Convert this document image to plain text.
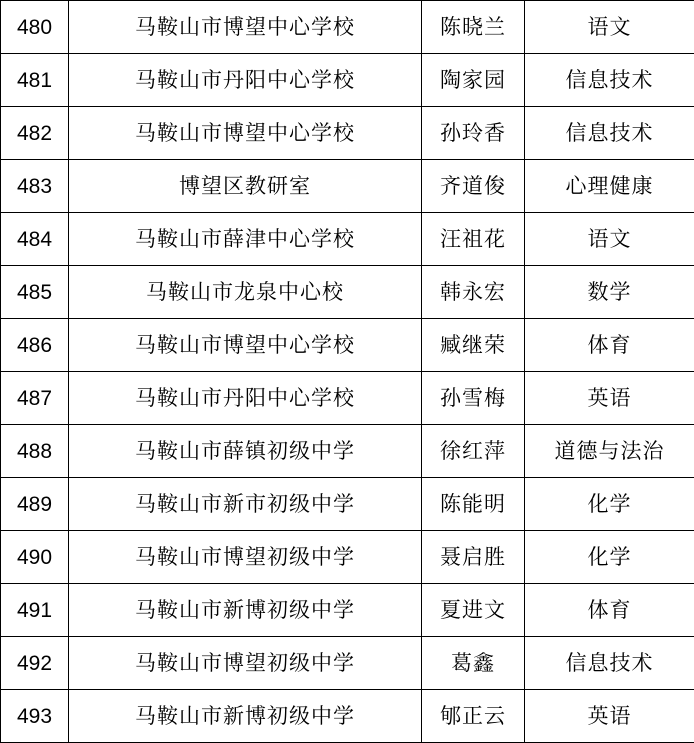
480	马鞍山市博望中心学校	陈晓兰	语文
481	马鞍山市丹阳中心学校	陶家园	信息技术
482	马鞍山市博望中心学校	孙玲香	信息技术
483	博望区教研室	齐道俊	心理健康
484	马鞍山市薛津中心学校	汪祖花	语文
485	马鞍山市龙泉中心校	韩永宏	数学
486	马鞍山市博望中心学校	臧继荣	体育
487	马鞍山市丹阳中心学校	孙雪梅	英语
488	马鞍山市薛镇初级中学	徐红萍	道德与法治
489	马鞍山市新市初级中学	陈能明	化学
490	马鞍山市博望初级中学	聂启胜	化学
491	马鞍山市新博初级中学	夏进文	体育
492	马鞍山市博望初级中学	葛鑫	信息技术
493	马鞍山市新博初级中学	郇正云	英语
